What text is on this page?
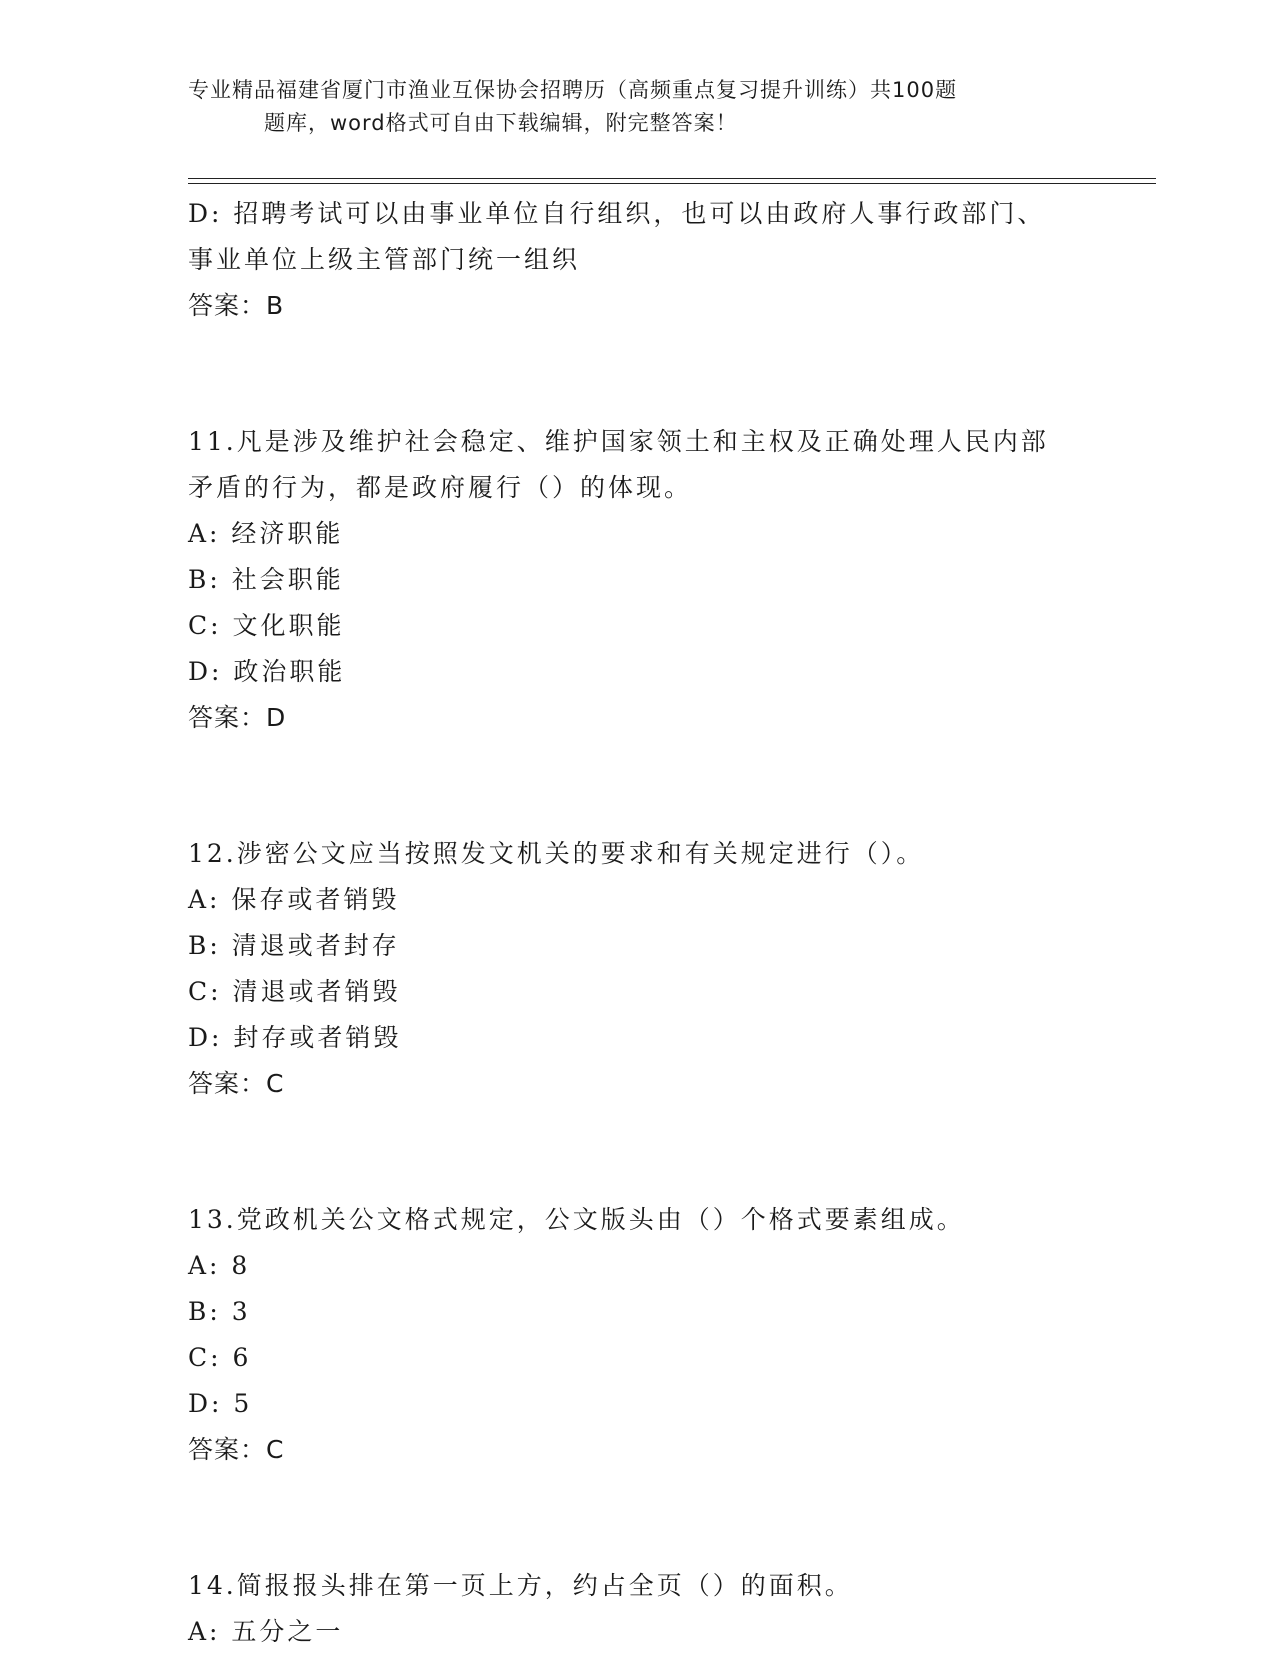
专业精品福建省厦门市渔业互保协会招聘历（高频重点复习提升训练）共100题
题库，word格式可自由下载编辑，附完整答案！
D: 招聘考试可以由事业单位自行组织，也可以由政府人事行政部门、
事业单位上级主管部门统一组织
答案：B
11.凡是涉及维护社会稳定、维护国家领土和主权及正确处理人民内部
矛盾的行为，都是政府履行（）的体现。
A: 经济职能
B: 社会职能
C: 文化职能
D: 政治职能
答案：D
12.涉密公文应当按照发文机关的要求和有关规定进行（）。
A: 保存或者销毁
B: 清退或者封存
C: 清退或者销毁
D: 封存或者销毁
答案：C
13.党政机关公文格式规定，公文版头由（）个格式要素组成。
A: 8
B: 3
C: 6
D: 5
答案：C
14.简报报头排在第一页上方，约占全页（）的面积。
A: 五分之一
